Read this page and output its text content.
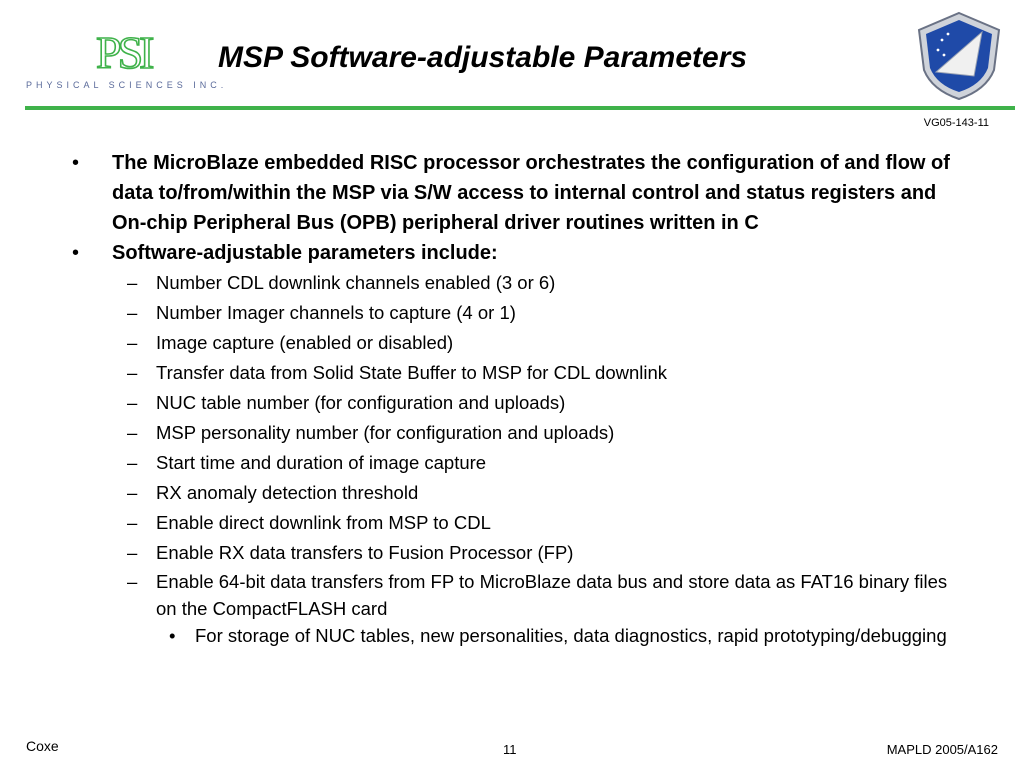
PSI
PHYSICAL SCIENCES INC.
MSP Software-adjustable Parameters
VG05-143-11
•	The MicroBlaze embedded RISC processor orchestrates the configuration of and flow of data to/from/within the MSP via S/W access to internal control and status registers and On-chip Peripheral Bus (OPB) peripheral driver routines written in C
•	Software-adjustable parameters include:
– Number CDL downlink channels enabled (3 or 6)
– Number Imager channels to capture (4 or 1)
– Image capture (enabled or disabled)
– Transfer data from Solid State Buffer to MSP for CDL downlink
– NUC table number (for configuration and uploads)
– MSP personality number (for configuration and uploads)
– Start time and duration of image capture
– RX anomaly detection threshold
– Enable direct downlink from MSP to CDL
– Enable RX data transfers to Fusion Processor (FP)
– Enable 64-bit data transfers from FP to MicroBlaze data bus and store data as FAT16 binary files on the CompactFLASH card
• For storage of NUC tables, new personalities, data diagnostics, rapid prototyping/debugging
Coxe	11	MAPLD 2005/A162
